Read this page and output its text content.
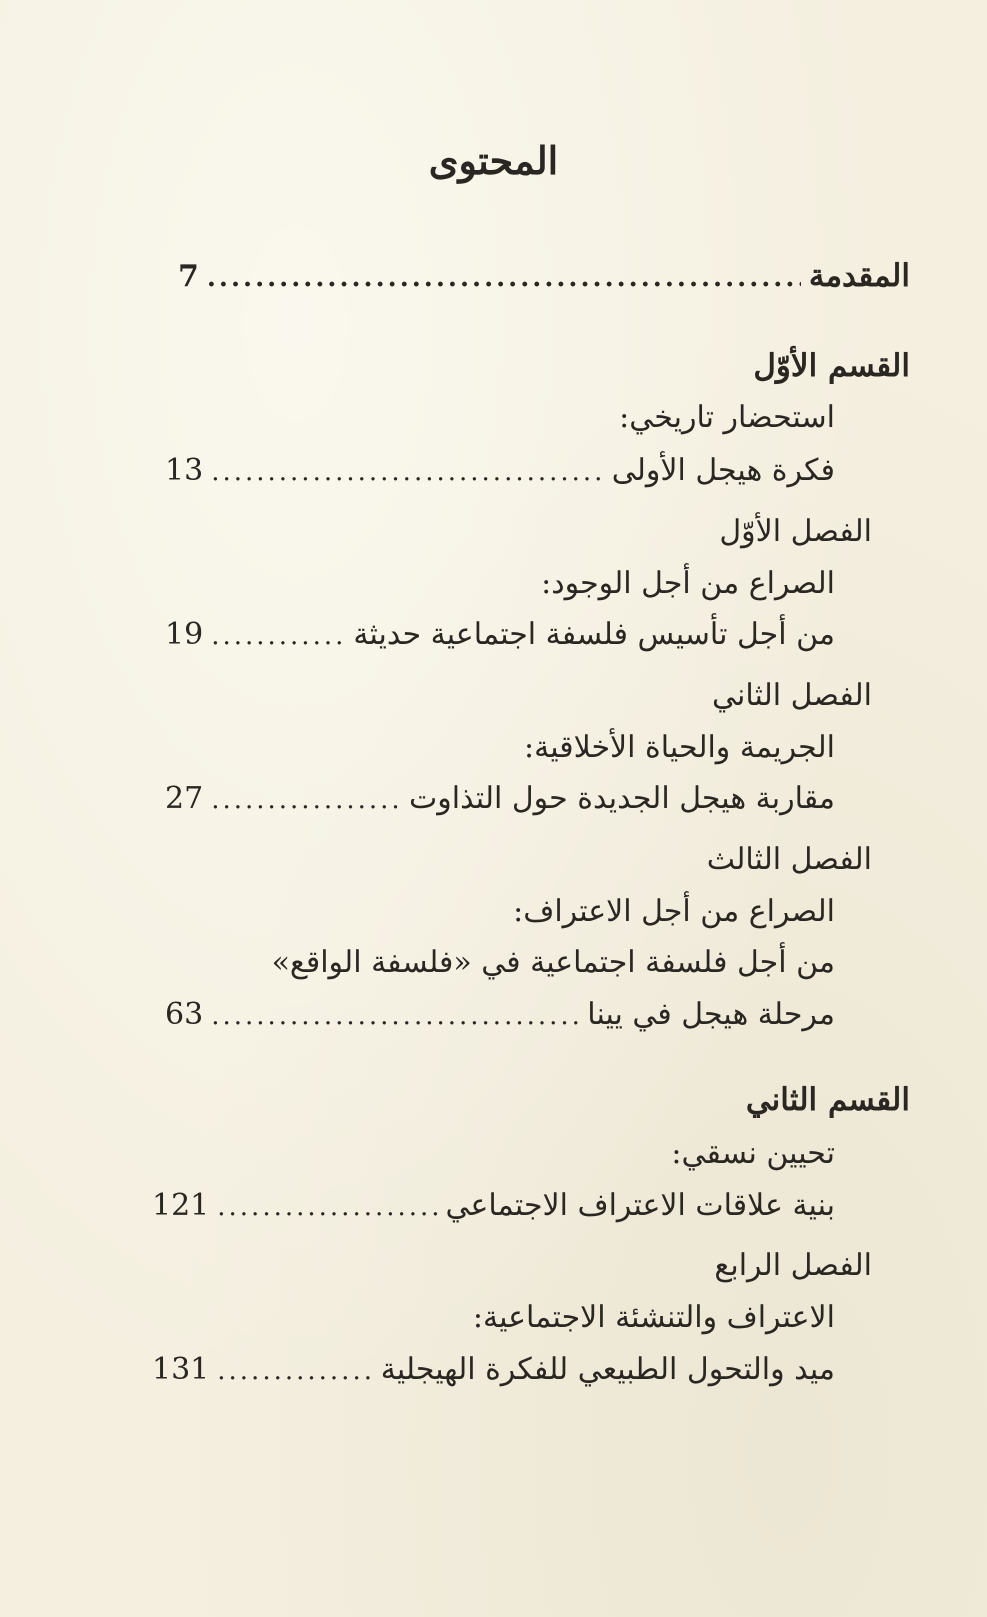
المحتوى
المقدمة
.....
7
القسم الأوّل
استحضار تاريخي:
فكرة هيجل الأولى
.....
13
الفصل الأوّل
الصراع من أجل الوجود:
من أجل تأسيس فلسفة اجتماعية حديثة
.....
19
الفصل الثاني
الجريمة والحياة الأخلاقية:
مقاربة هيجل الجديدة حول التذاوت
.....
27
الفصل الثالث
الصراع من أجل الاعتراف:
من أجل فلسفة اجتماعية في «فلسفة الواقع»
مرحلة هيجل في يينا
.....
63
القسم الثاني
تحيين نسقي:
بنية علاقات الاعتراف الاجتماعي
.....
121
الفصل الرابع
الاعتراف والتنشئة الاجتماعية:
ميد والتحول الطبيعي للفكرة الهيجلية
.....
131
